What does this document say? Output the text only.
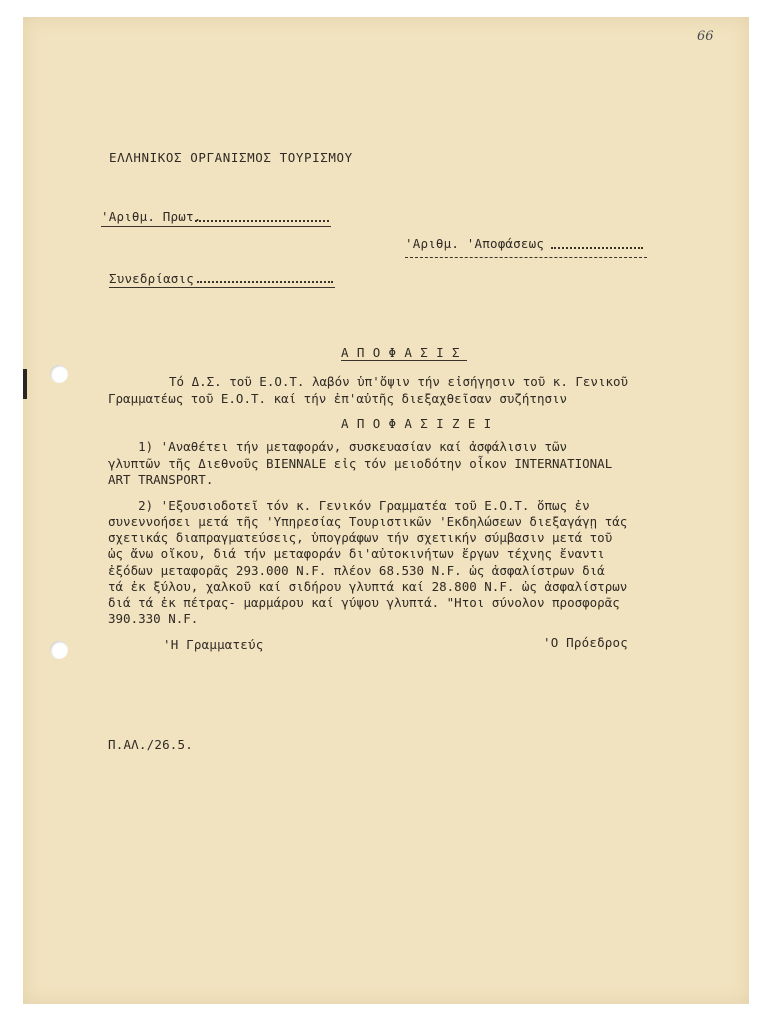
66
ΕΛΛΗΝΙΚΟΣ ΟΡΓΑΝΙΣΜΟΣ ΤΟΥΡΙΣΜΟΥ
'Αριθμ. Πρωτ.
'Αριθμ. 'Αποφάσεως
Συνεδρίασις
Α Π Ο Φ Α Σ Ι Σ
Τό Δ.Σ. τοῦ Ε.Ο.Τ. λαβόν ὑπ'ὄψιν τήν εἰσήγησιν τοῦ κ. Γενικοῦ
Γραμματέως τοῦ Ε.Ο.Τ. καί τήν ἐπ'αὐτῆς διεξαχθεῖσαν συζήτησιν
Α Π Ο Φ Α Σ Ι Ζ Ε Ι
1) 'Αναθέτει τήν μεταφοράν, συσκευασίαν καί ἀσφάλισιν τῶν
γλυπτῶν τῆς Διεθνοῦς BIENNALE εἰς τόν μειοδότην οἶκον INTERNATIONAL
ART TRANSPORT.
2) 'Εξουσιοδοτεῖ τόν κ. Γενικόν Γραμματέα τοῦ Ε.Ο.Τ. ὅπως ἐν
συνεννοήσει μετά τῆς 'Υπηρεσίας Τουριστικῶν 'Εκδηλώσεων διεξαγάγῃ τάς
σχετικάς διαπραγματεύσεις, ὑπογράφων τήν σχετικήν σύμβασιν μετά τοῦ
ὡς ἄνω οἴκου, διά τήν μεταφοράν δι'αὐτοκινήτων ἔργων τέχνης ἔναντι
ἐξόδων μεταφορᾶς 293.000 Ν.F. πλέον 68.530 Ν.F. ὡς ἀσφαλίστρων διά
τά ἐκ ξύλου, χαλκοῦ καί σιδήρου γλυπτά καί 28.800 Ν.F. ὡς ἀσφαλίστρων
διά τά ἐκ πέτρας- μαρμάρου καί γύψου γλυπτά. "Ητοι σύνολον προσφορᾶς
390.330 Ν.F.
'Η Γραμματεύς	'Ο Πρόεδρος
Π.ΑΛ./26.5.
